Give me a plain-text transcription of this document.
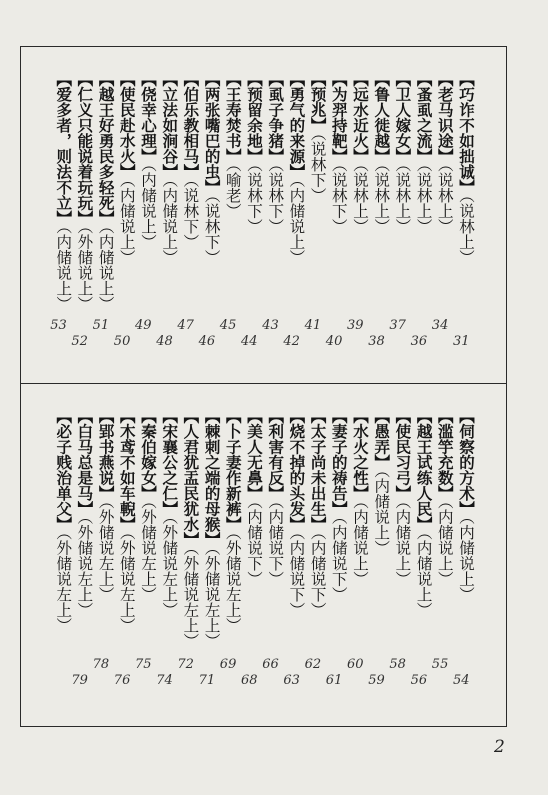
【巧诈不如拙诚】（说林上）
31
【老马识途】（说林上）
34
【蚤虱之流】（说林上）
36
【卫人嫁女】（说林上）
37
【鲁人徙越】（说林上）
38
【远水近火】（说林上）
39
【为羿持靶】（说林下）
40
【预兆】（说林下）
41
【勇气的来源】（内储说上）
42
【虱子争猪】（说林下）
43
【预留余地】（说林下）
44
【王寿焚书】（喻老）
45
【两张嘴巴的虫】（说林下）
46
【伯乐教相马】（说林下）
47
【立法如涧谷】（内储说上）
48
【侥幸心理】（内储说上）
49
【使民赴水火】（内储说上）
50
【越王好勇民多轻死】（内储说上）
51
【仁义只能说着玩玩】（外储说上）
52
【爱多者，则法不立】（内储说上）
53
【伺察的方术】（内储说上）
54
【滥竽充数】（内储说上）
55
【越王试练人民】（内储说上）
56
【使民习弓】（内储说上）
58
【愚弄】（内储说上）
59
【水火之性】（内储说上）
60
【妻子的祷告】（内储说下）
61
【太子尚未出生】（内储说下）
62
【烧不掉的头发】（内储说下）
63
【利害有反】（内储说下）
66
【美人无鼻】（内储说下）
68
【卜子妻作新裤】（外储说左上）
69
【棘刺之端的母猴】（外储说左上）
71
【人君犹盂民犹水】（外储说左上）
72
【宋襄公之仁】（外储说左上）
74
【秦伯嫁女】（外储说左上）
75
【木鸢不如车輗】（外储说左上）
76
【郢书燕说】（外储说左上）
78
【白马总是马】（外储说左上）
79
【必子贱治单父】（外储说左上）
2
